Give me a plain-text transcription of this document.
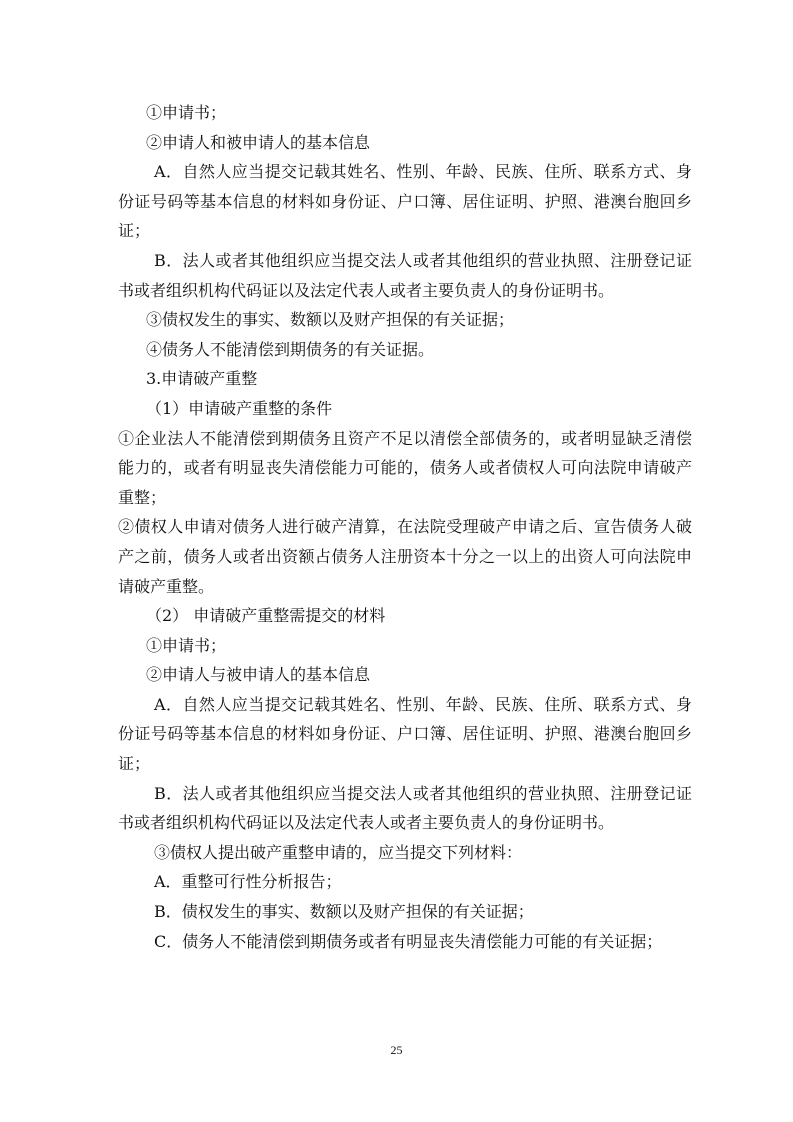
①申请书；

②申请人和被申请人的基本信息

A．自然人应当提交记载其姓名、性别、年龄、民族、住所、联系方式、身份证号码等基本信息的材料如身份证、户口簿、居住证明、护照、港澳台胞回乡证；

B．法人或者其他组织应当提交法人或者其他组织的营业执照、注册登记证书或者组织机构代码证以及法定代表人或者主要负责人的身份证明书。

③债权发生的事实、数额以及财产担保的有关证据；

④债务人不能清偿到期债务的有关证据。

3.申请破产重整

（1）申请破产重整的条件

①企业法人不能清偿到期债务且资产不足以清偿全部债务的，或者明显缺乏清偿能力的，或者有明显丧失清偿能力可能的，债务人或者债权人可向法院申请破产重整；

②债权人申请对债务人进行破产清算，在法院受理破产申请之后、宣告债务人破产之前，债务人或者出资额占债务人注册资本十分之一以上的出资人可向法院申请破产重整。

（2） 申请破产重整需提交的材料

①申请书；

②申请人与被申请人的基本信息

A．自然人应当提交记载其姓名、性别、年龄、民族、住所、联系方式、身份证号码等基本信息的材料如身份证、户口簿、居住证明、护照、港澳台胞回乡证；

B．法人或者其他组织应当提交法人或者其他组织的营业执照、注册登记证书或者组织机构代码证以及法定代表人或者主要负责人的身份证明书。

③债权人提出破产重整申请的，应当提交下列材料：

A．重整可行性分析报告；

B．债权发生的事实、数额以及财产担保的有关证据；

C．债务人不能清偿到期债务或者有明显丧失清偿能力可能的有关证据；

25
